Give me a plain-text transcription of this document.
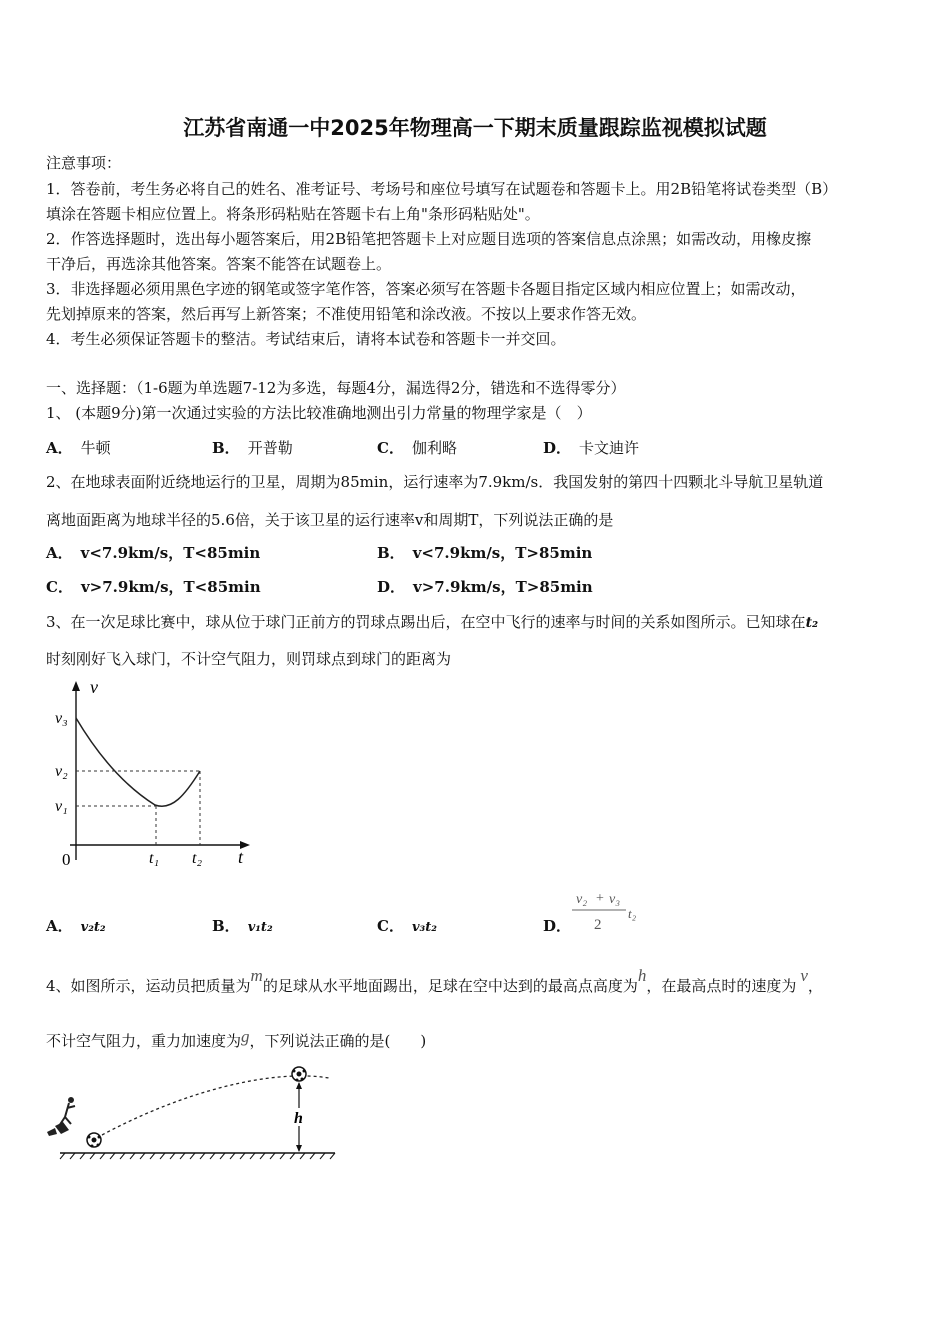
江苏省南通一中2025年物理高一下期末质量跟踪监视模拟试题
注意事项：
1．答卷前，考生务必将自己的姓名、准考证号、考场号和座位号填写在试题卷和答题卡上。用2B铅笔将试卷类型（B）
填涂在答题卡相应位置上。将条形码粘贴在答题卡右上角"条形码粘贴处"。
2．作答选择题时，选出每小题答案后，用2B铅笔把答题卡上对应题目选项的答案信息点涂黑；如需改动，用橡皮擦
干净后，再选涂其他答案。答案不能答在试题卷上。
3．非选择题必须用黑色字迹的钢笔或签字笔作答，答案必须写在答题卡各题目指定区域内相应位置上；如需改动，
先划掉原来的答案，然后再写上新答案；不准使用铅笔和涂改液。不按以上要求作答无效。
4．考生必须保证答题卡的整洁。考试结束后，请将本试卷和答题卡一并交回。
一、选择题：（1-6题为单选题7-12为多选，每题4分，漏选得2分，错选和不选得零分）
1、 (本题9分)第一次通过实验的方法比较准确地测出引力常量的物理学家是（　）
A． 牛顿	B． 开普勒	C． 伽利略	D． 卡文迪许
2、在地球表面附近绕地运行的卫星，周期为85min，运行速率为7.9km/s．我国发射的第四十四颗北斗导航卫星轨道
离地面距离为地球半径的5.6倍，关于该卫星的运行速率v和周期T，下列说法正确的是
A． v<7.9km/s，T<85min	B． v<7.9km/s，T>85min
C． v>7.9km/s，T<85min	D． v>7.9km/s，T>85min
3、在一次足球比赛中，球从位于球门正前方的罚球点踢出后，在空中飞行的速率与时间的关系如图所示。已知球在t₂
时刻刚好飞入球门，不计空气阻力，则罚球点到球门的距离为
v
t
0
v₃
v₂
v₁
t₁ t₂
A． v₂t₂	B． v₁t₂	C． v₃t₂	D．
v₂ + v₃
2
t₂
4、如图所示，运动员把质量为m的足球从水平地面踢出，足球在空中达到的最高点高度为h，在最高点时的速度为v，
不计空气阻力，重力加速度为g，下列说法正确的是(　　)
h
